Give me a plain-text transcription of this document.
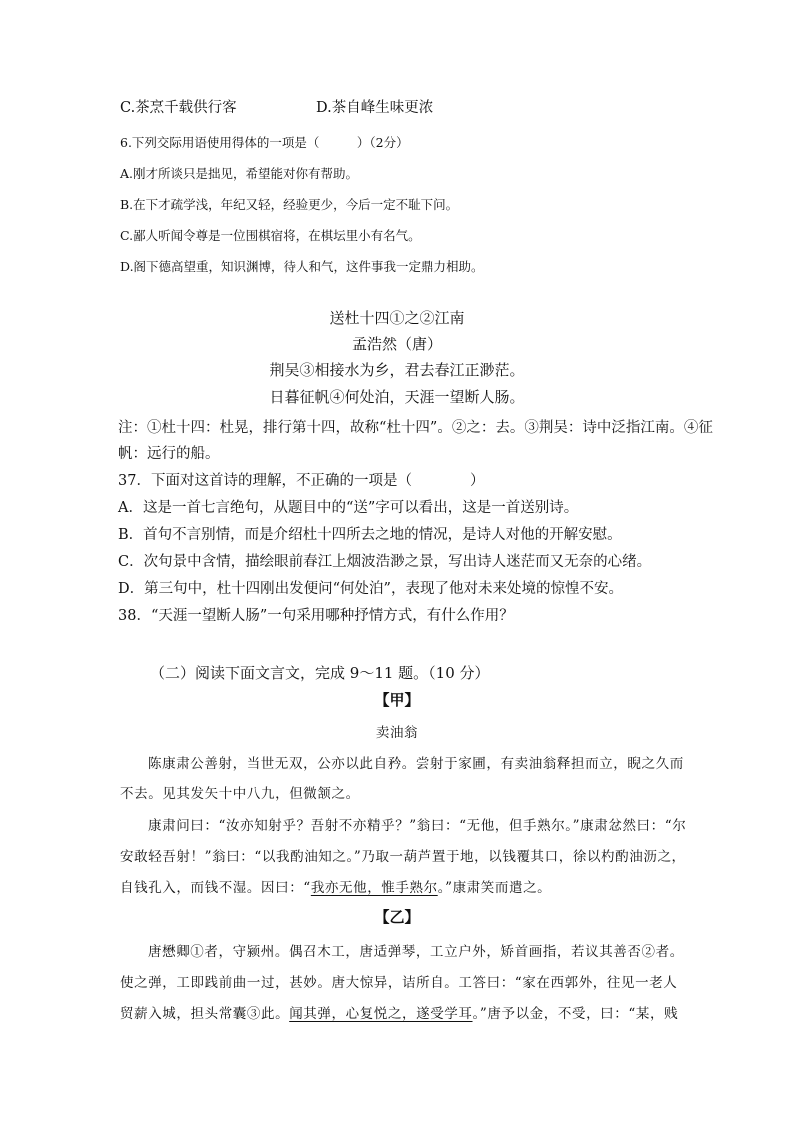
C.茶烹千载供行客	D.茶自峰生味更浓
6.下列交际用语使用得体的一项是（　　　）（2分）
A.刚才所谈只是拙见，希望能对你有帮助。
B.在下才疏学浅，年纪又轻，经验更少，今后一定不耻下问。
C.鄙人听闻令尊是一位围棋宿将，在棋坛里小有名气。
D.阁下德高望重，知识渊博，待人和气，这件事我一定鼎力相助。
送杜十四①之②江南
孟浩然（唐）
荆吴③相接水为乡，君去春江正渺茫。
日暮征帆④何处泊，天涯一望断人肠。
注：①杜十四：杜晃，排行第十四，故称“杜十四”。②之：去。③荆吴：诗中泛指江南。④征
帆：远行的船。
37．下面对这首诗的理解，不正确的一项是（　　　　）
A．这是一首七言绝句，从题目中的“送”字可以看出，这是一首送别诗。
B．首句不言别情，而是介绍杜十四所去之地的情况，是诗人对他的开解安慰。
C．次句景中含情，描绘眼前春江上烟波浩渺之景，写出诗人迷茫而又无奈的心绪。
D．第三句中，杜十四刚出发便问“何处泊”，表现了他对未来处境的惊惶不安。
38．“天涯一望断人肠”一句采用哪种抒情方式，有什么作用？
（二）阅读下面文言文，完成 9～11 题。（10 分）
【甲】
卖油翁
陈康肃公善射，当世无双，公亦以此自矜。尝射于家圃，有卖油翁释担而立，睨之久而
不去。见其发矢十中八九，但微颔之。
康肃问曰：“汝亦知射乎？吾射不亦精乎？”翁曰：“无他，但手熟尔。”康肃忿然曰：“尔
安敢轻吾射！”翁曰：“以我酌油知之。”乃取一葫芦置于地，以钱覆其口，徐以杓酌油沥之，
自钱孔入，而钱不湿。因曰：“我亦无他，惟手熟尔。”康肃笑而遣之。
【乙】
唐懋卿①者，守颍州。偶召木工，唐适弹琴，工立户外，矫首画指，若议其善否②者。
使之弹，工即践前曲一过，甚妙。唐大惊异，诘所自。工答曰：“家在西郭外，往见一老人
贸薪入城，担头常囊③此。闻其弹，心复悦之，遂受学耳。”唐予以金，不受，曰：“某，贱
